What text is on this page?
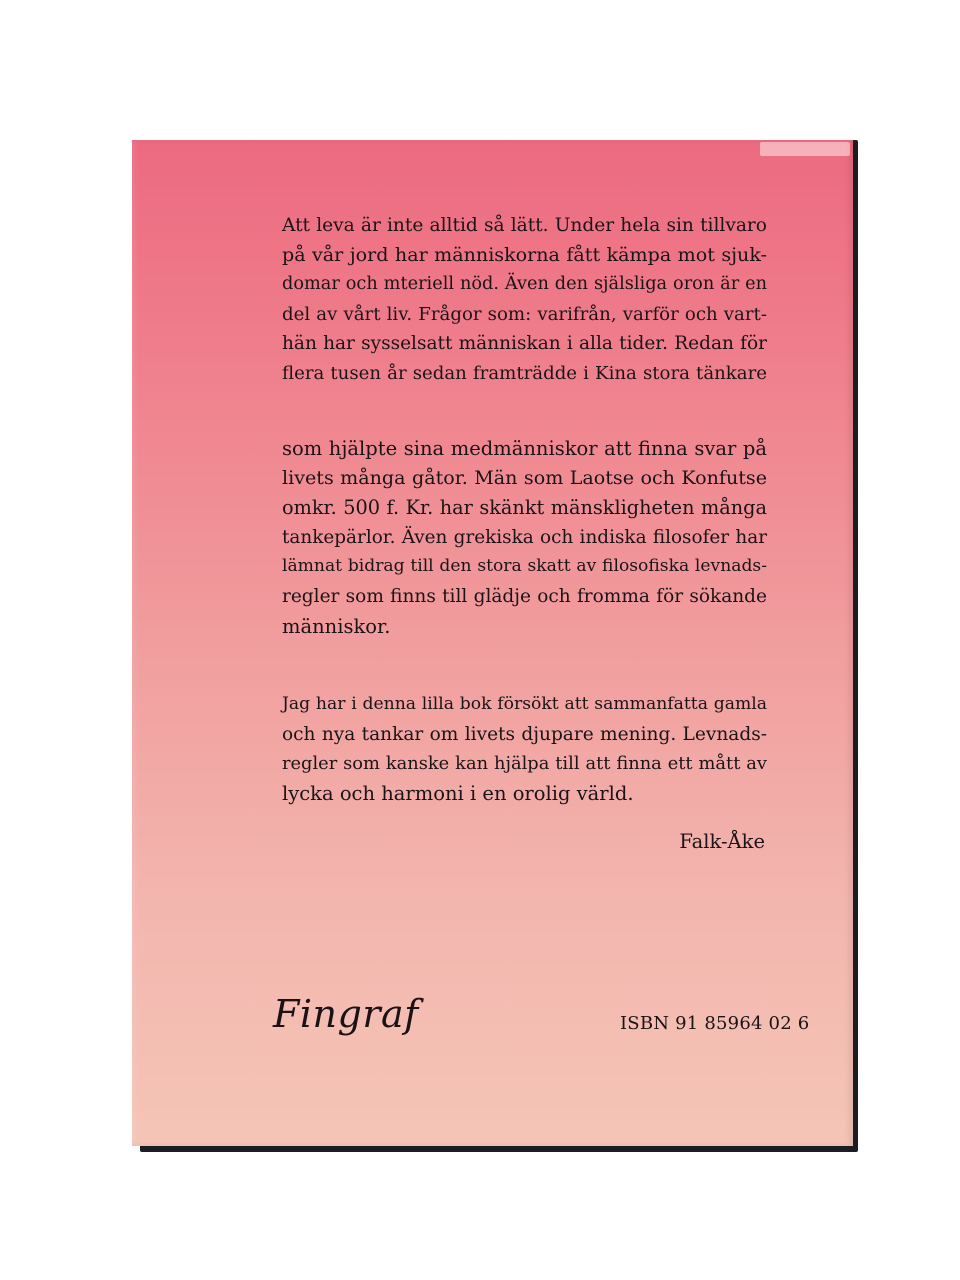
Att leva är inte alltid så lätt. Under hela sin tillvaro
på vår jord har människorna fått kämpa mot sjuk-
domar och mteriell nöd. Även den själsliga oron är en
del av vårt liv. Frågor som: varifrån, varför och vart-
hän har sysselsatt människan i alla tider. Redan för
flera tusen år sedan framträdde i Kina stora tänkare
som hjälpte sina medmänniskor att finna svar på
livets många gåtor. Män som Laotse och Konfutse
omkr. 500 f. Kr. har skänkt mänskligheten många
tankepärlor. Även grekiska och indiska filosofer har
lämnat bidrag till den stora skatt av filosofiska levnads-
regler som finns till glädje och fromma för sökande
människor.
Jag har i denna lilla bok försökt att sammanfatta gamla
och nya tankar om livets djupare mening. Levnads-
regler som kanske kan hjälpa till att finna ett mått av
lycka och harmoni i en orolig värld.
Falk-Åke
Fingraf	ISBN 91 85964 02 6
